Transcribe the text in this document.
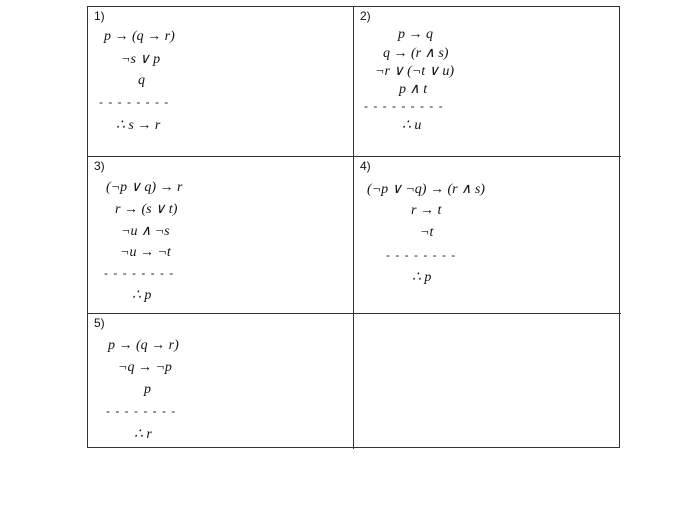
1)
p → (q → r)
¬s ∨ p
q
- - - - - - - -
∴ s → r
2)
p → q
q → (r ∧ s)
¬r ∨ (¬t ∨ u)
p ∧ t
- - - - - - - - -
∴ u
3)
(¬p ∨ q) → r
r → (s ∨ t)
¬u ∧ ¬s
¬u → ¬t
- - - - - - - -
∴ p
4)
(¬p ∨ ¬q) → (r ∧ s)
r → t
¬t
- - - - - - - -
∴ p
5)
p → (q → r)
¬q → ¬p
p
- - - - - - - -
∴ r
